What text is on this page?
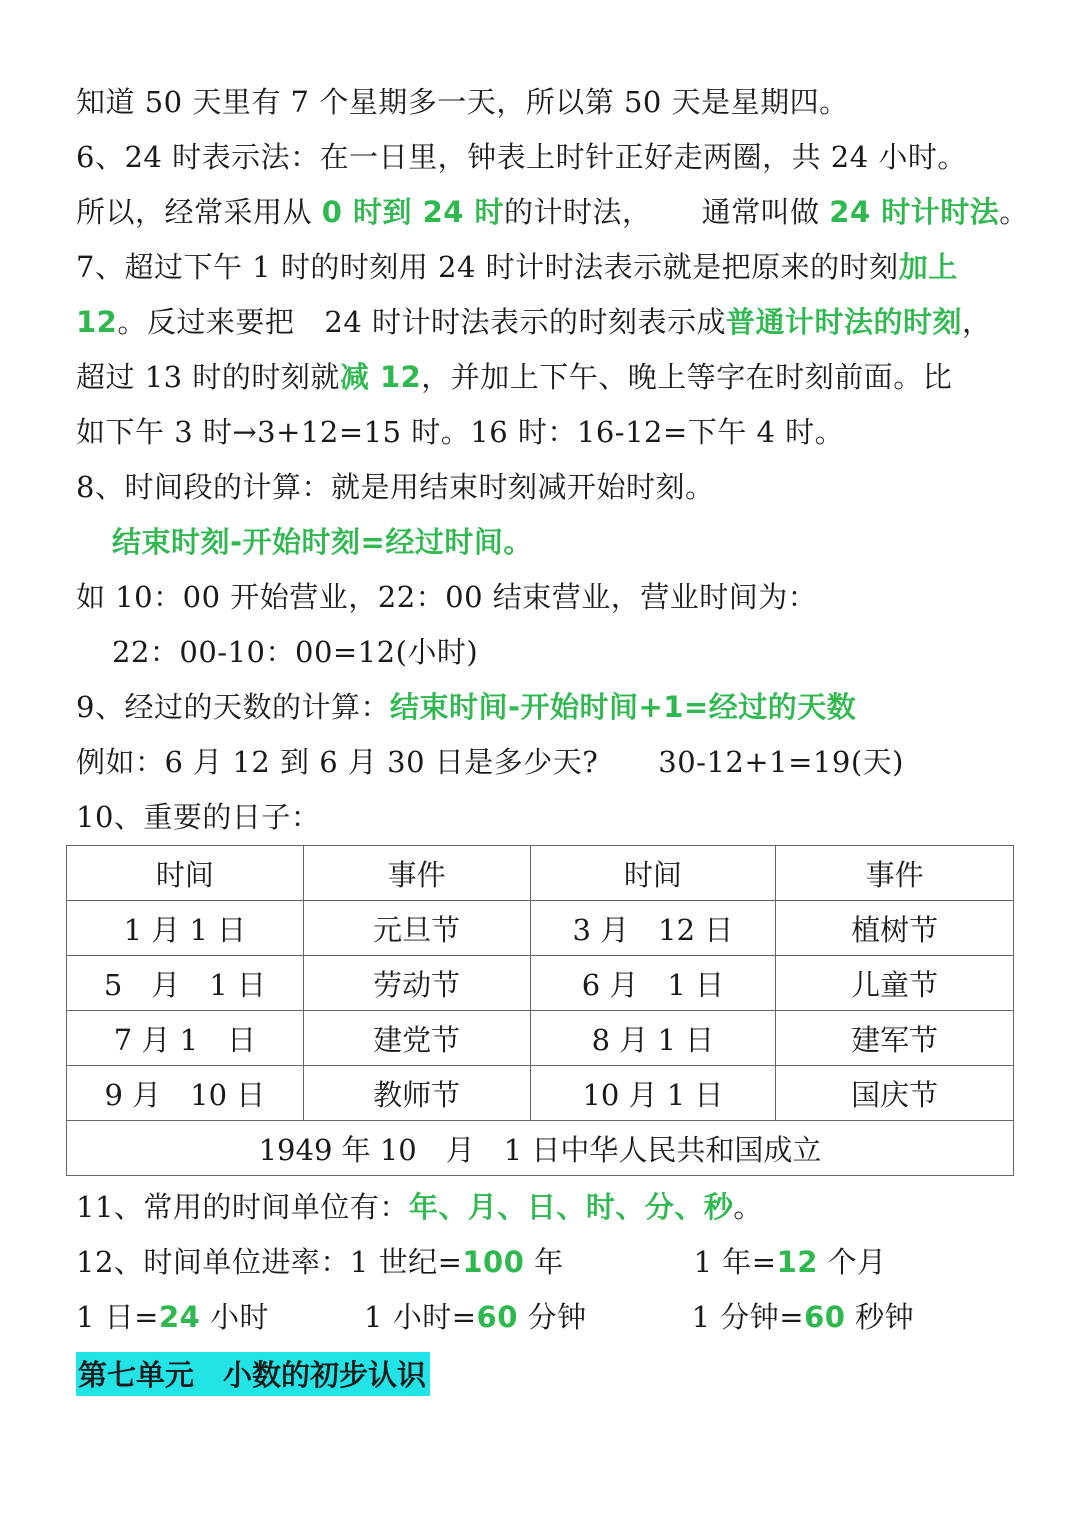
知道 50 天里有 7 个星期多一天，所以第 50 天是星期四。
6、24 时表示法：在一日里，钟表上时针正好走两圈，共 24 小时。
所以，经常采用从 0 时到 24 时的计时法， 通常叫做 24 时计时法。
7、超过下午 1 时的时刻用 24 时计时法表示就是把原来的时刻加上
12。反过来要把 24 时计时法表示的时刻表示成普通计时法的时刻，
超过 13 时的时刻就减 12，并加上下午、晚上等字在时刻前面。比
如下午 3 时→3+12=15 时。16 时：16-12=下午 4 时。
8、时间段的计算：就是用结束时刻减开始时刻。
结束时刻-开始时刻=经过时间。
如 10：00 开始营业，22：00 结束营业，营业时间为：
22：00-10：00=12(小时)
9、经过的天数的计算：结束时间-开始时间+1=经过的天数
例如：6 月 12 到 6 月 30 日是多少天? 30-12+1=19(天)
10、重要的日子：
时间	事件	时间	事件
1 月 1 日	元旦节	3 月　12 日	植树节
5　月　1 日	劳动节	6 月　1 日	儿童节
7 月 1　日	建党节	8 月 1 日	建军节
9 月　10 日	教师节	10 月 1 日	国庆节
1949 年 10　月　1 日中华人民共和国成立			
11、常用的时间单位有：年、月、日、时、分、秒。
12、时间单位进率：1 世纪=100 年	1 年=12 个月
1 日=24 小时	1 小时=60 分钟	1 分钟=60 秒钟
第七单元　小数的初步认识
